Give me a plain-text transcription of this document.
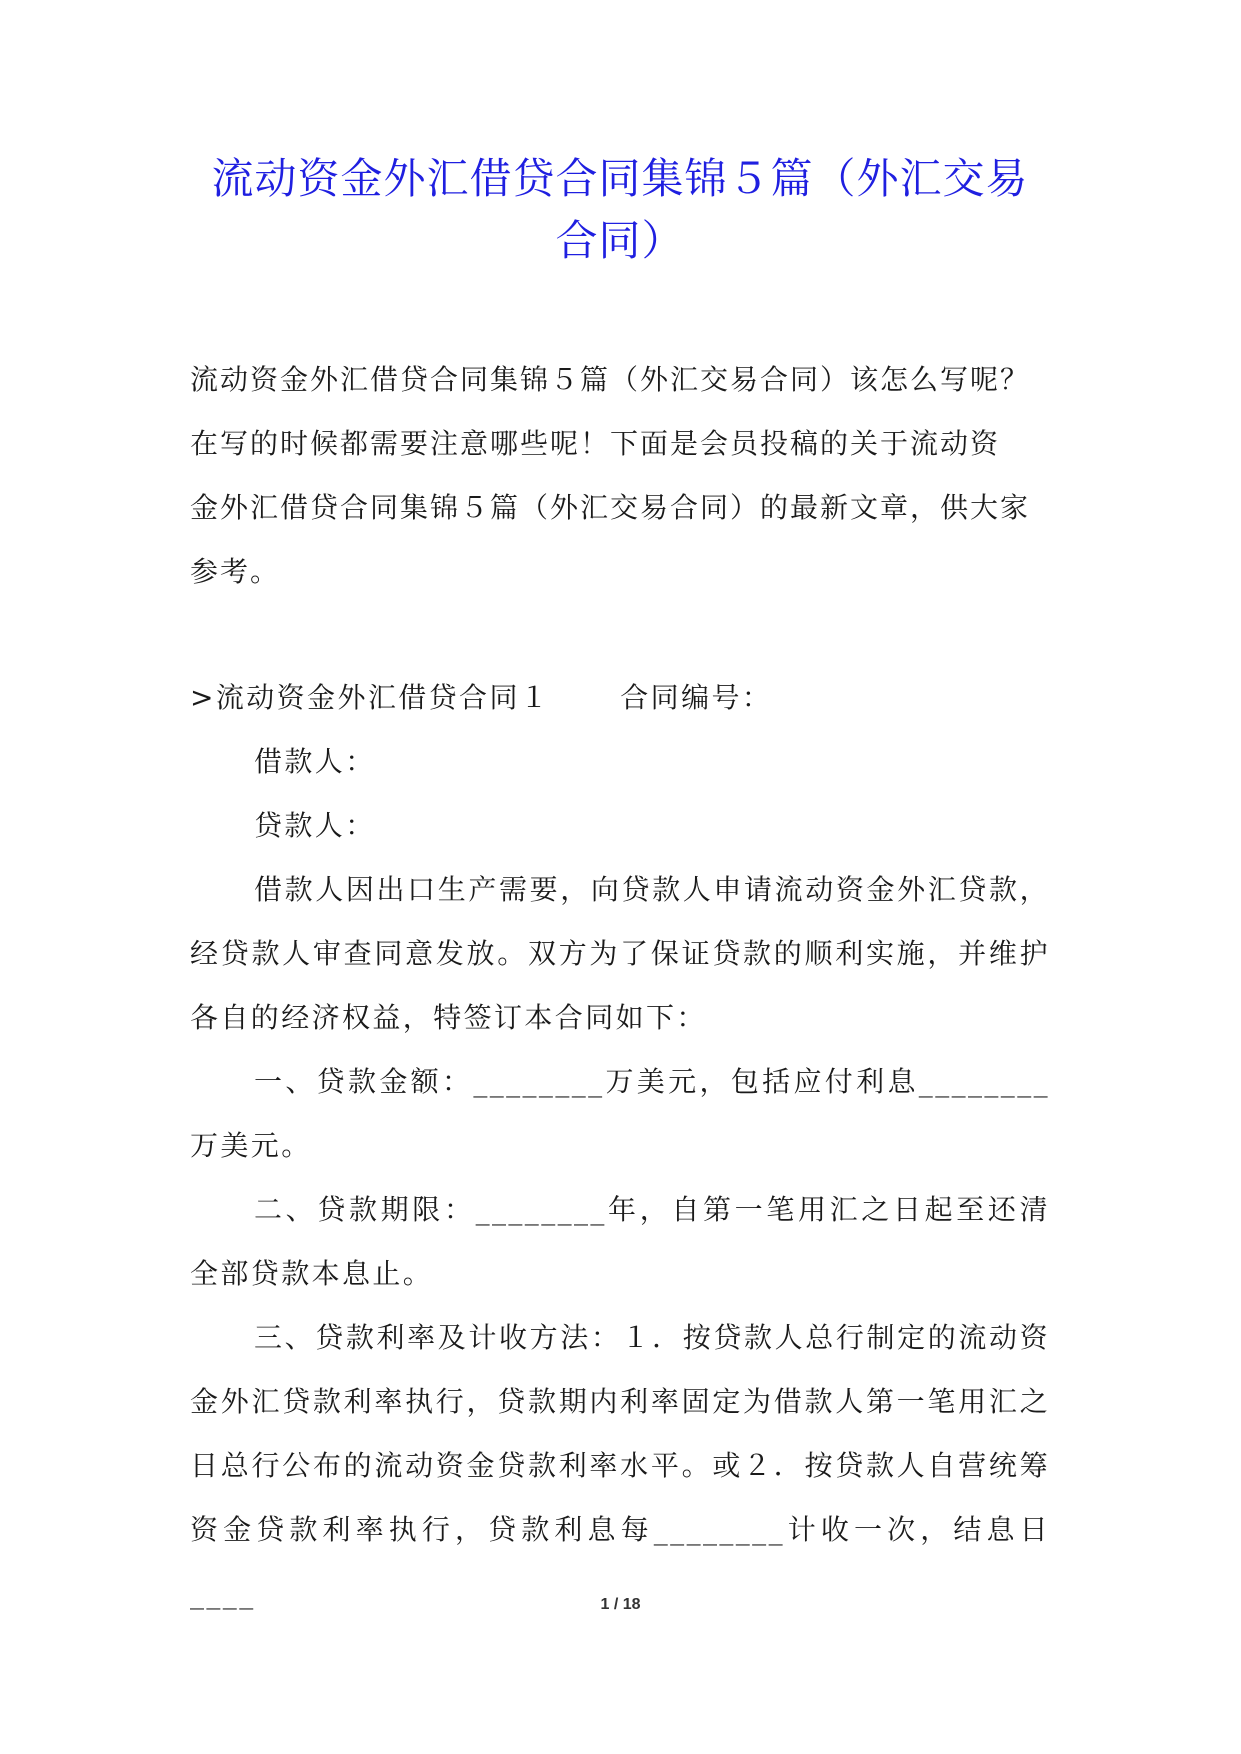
流动资金外汇借贷合同集锦５篇（外汇交易
合同）

流动资金外汇借贷合同集锦５篇（外汇交易合同）该怎么写呢？

在写的时候都需要注意哪些呢！下面是会员投稿的关于流动资

金外汇借贷合同集锦５篇（外汇交易合同）的最新文章，供大家

参考。

>流动资金外汇借贷合同１	合同编号：

借款人：

贷款人：

借款人因出口生产需要，向贷款人申请流动资金外汇贷款，经贷款人审查同意发放。双方为了保证贷款的顺利实施，并维护各自的经济权益，特签订本合同如下：

一、贷款金额：________万美元，包括应付利息________万美元。

二、贷款期限：________年，自第一笔用汇之日起至还清全部贷款本息止。

三、贷款利率及计收方法：１．按贷款人总行制定的流动资金外汇贷款利率执行，贷款期内利率固定为借款人第一笔用汇之日总行公布的流动资金贷款利率水平。或２．按贷款人自营统筹资金贷款利率执行，贷款利息每________计收一次，结息日____	1 / 18
